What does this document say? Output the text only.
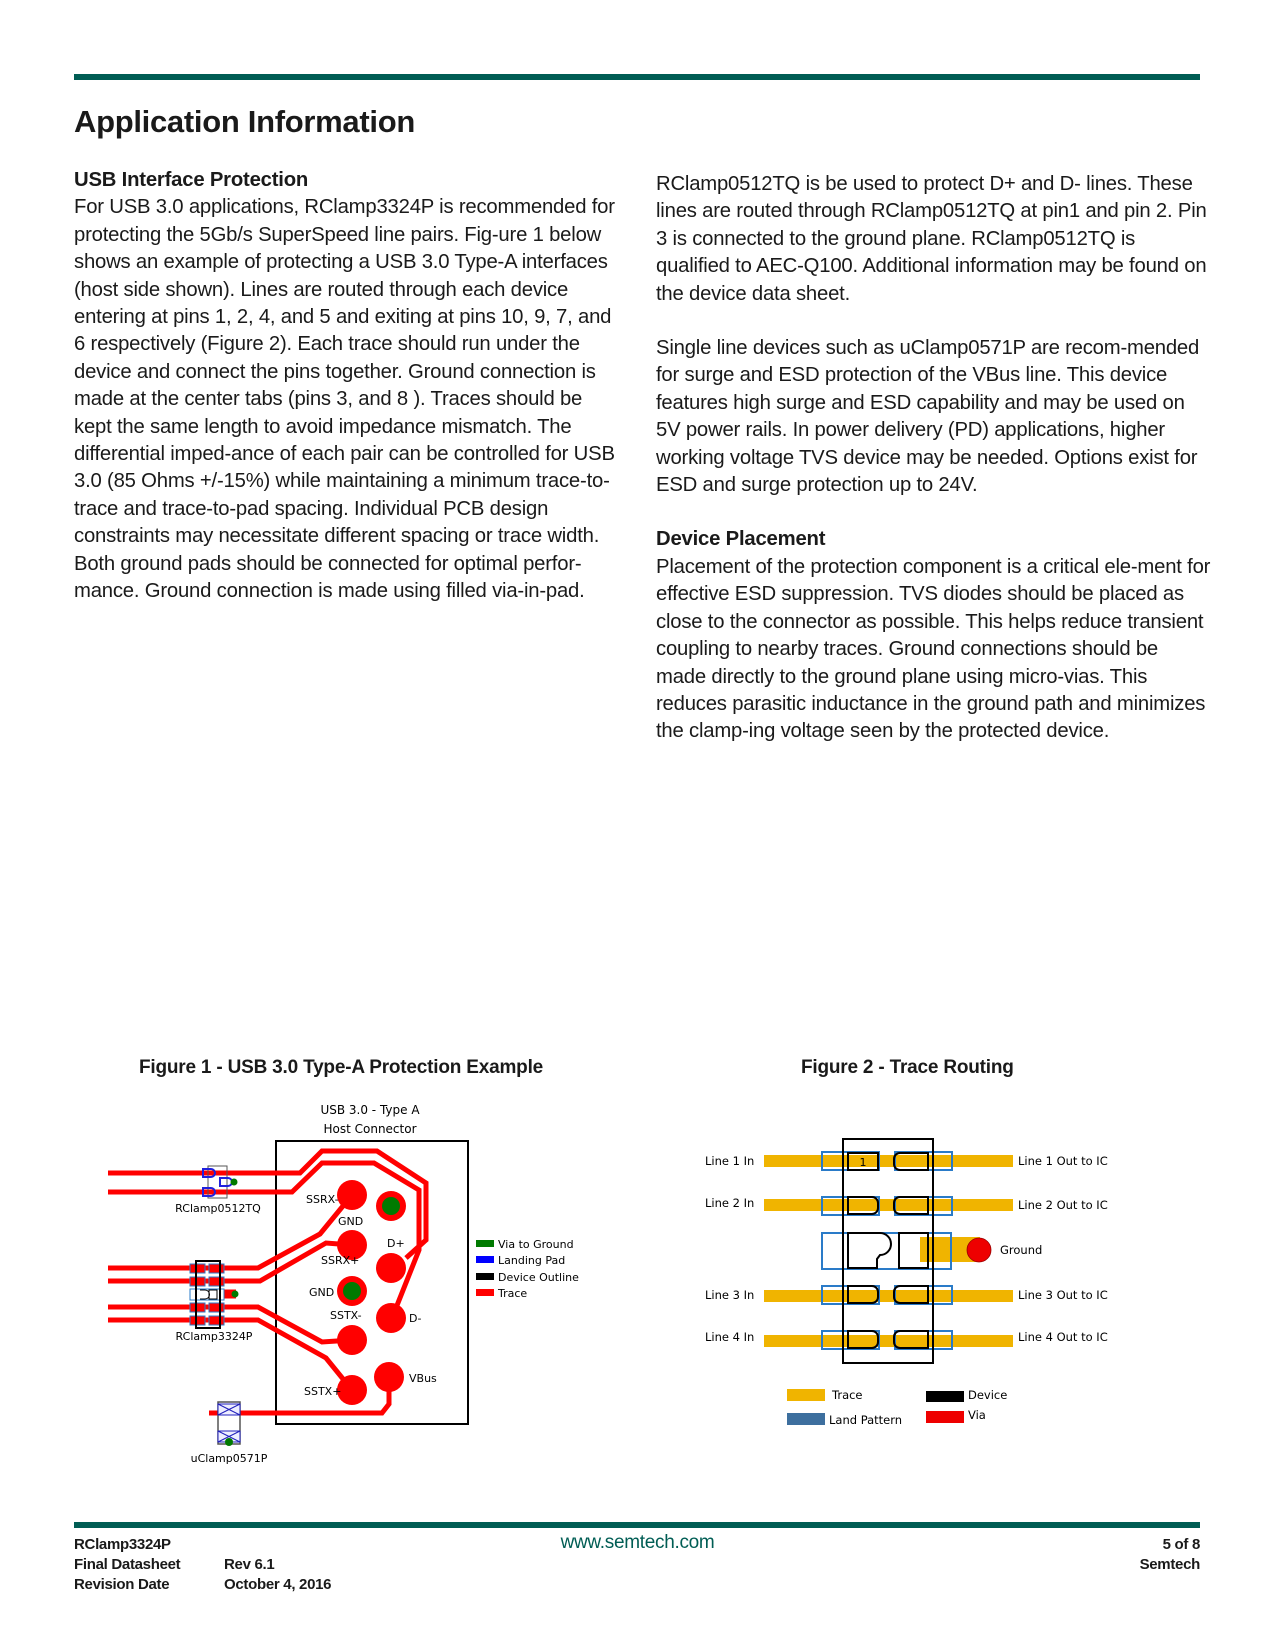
Application Information
USB Interface Protection

For USB 3.0 applications, RClamp3324P is recommended for protecting the 5Gb/s SuperSpeed line pairs. Fig-ure 1 below shows an example of protecting a USB 3.0 Type-A interfaces (host side shown). Lines are routed through each device entering at pins 1, 2, 4, and 5 and exiting at pins 10, 9, 7, and 6 respectively (Figure 2). Each trace should run under the device and connect the pins together. Ground connection is made at the center tabs (pins 3, and 8 ). Traces should be kept the same length to avoid impedance mismatch. The differential imped-ance of each pair can be controlled for USB 3.0 (85 Ohms +/-15%) while maintaining a minimum trace-to-trace and trace-to-pad spacing. Individual PCB design constraints may necessitate different spacing or trace width. Both ground pads should be connected for optimal perfor-mance. Ground connection is made using filled via-in-pad.

RClamp0512TQ is be used to protect D+ and D- lines. These lines are routed through RClamp0512TQ at pin1 and pin 2. Pin 3 is connected to the ground plane. RClamp0512TQ is qualified to AEC-Q100. Additional information may be found on the device data sheet.

Single line devices such as uClamp0571P are recom-mended for surge and ESD protection of the VBus line. This device features high surge and ESD capability and may be used on 5V power rails. In power delivery (PD) applications, higher working voltage TVS device may be needed. Options exist for ESD and surge protection up to 24V.

Device Placement

Placement of the protection component is a critical ele-ment for effective ESD suppression. TVS diodes should be placed as close to the connector as possible. This helps reduce transient coupling to nearby traces. Ground connections should be made directly to the ground plane using micro-vias. This reduces parasitic inductance in the ground path and minimizes the clamp-ing voltage seen by the protected device.

Figure 1 - USB 3.0 Type-A Protection Example	Figure 2 - Trace Routing
USB 3.0 - Type A
Host Connector
SSRX-
GND
SSRX+
D+
GND
D-
SSTX-
VBus
SSTX+
RClamp0512TQ
RClamp3324P
uClamp0571P
Via to Ground
Landing Pad
Device Outline
Trace
1
Line 1 In
Line 2 In
Line 3 In
Line 4 In
Line 1 Out to IC
Line 2 Out to IC
Line 3 Out to IC
Line 4 Out to IC
Ground
Trace	Device
Land Pattern	Via
RClamp3324P
Final Datasheet	Rev 6.1
Revision Date	October 4, 2016
www.semtech.com	5 of 8
Semtech
